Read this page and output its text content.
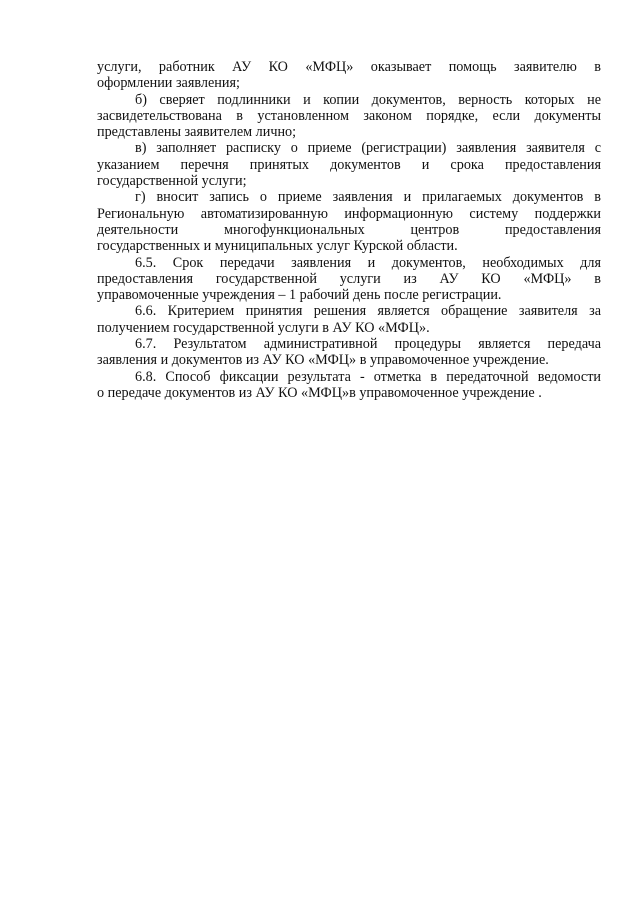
услуги, работник АУ КО «МФЦ» оказывает помощь заявителю в
оформлении заявления;
б) сверяет подлинники и копии документов, верность которых не
засвидетельствована в установленном законом порядке, если документы
представлены заявителем лично;
в) заполняет расписку о приеме (регистрации) заявления заявителя с
указанием перечня принятых документов и срока предоставления
государственной услуги;
г) вносит запись о приеме заявления и прилагаемых документов в
Региональную автоматизированную информационную систему поддержки
деятельности многофункциональных центров предоставления
государственных и муниципальных услуг Курской области.
6.5. Срок передачи заявления и документов, необходимых для
предоставления государственной услуги из АУ КО «МФЦ» в
управомоченные учреждения – 1 рабочий день после регистрации.
6.6. Критерием принятия решения является обращение заявителя за
получением государственной услуги в АУ КО «МФЦ».
6.7. Результатом административной процедуры является передача
заявления и документов из АУ КО «МФЦ» в управомоченное учреждение.
6.8. Способ фиксации результата - отметка в передаточной ведомости
о передаче документов из АУ КО «МФЦ»в управомоченное учреждение .
